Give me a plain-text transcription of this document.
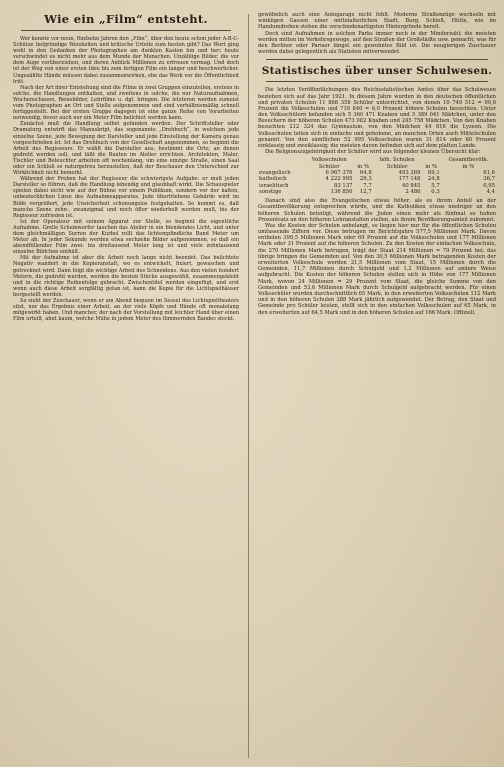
Wie ein „Film“ entsteht.

Wer kennte vor neun, fünfzehn Jahren den „Film“, über den heute schon jeder A-B-C-Schütze tiefgründige Weisheiten und kritische Urteile zum besten gibt? Das Wort ging wohl in den Gedanken der Photographen am dunklen Kasten hin und her; heute verschwindet es nicht mehr aus dem Munde der Menschen. Unzählige Bilder, die vor dem Auge vorüberziehen, und deren Anblick Millionen zu erfreuen vermag. Und doch ist der Weg von einer ersten Idee bis zum fertigen Film ein langer und beschwerlicher. Ungezählte Hände müssen dabei zusammenwirken, ehe das Werk vor die Öffentlichkeit tritt.

Nach der Art ihrer Entstehung sind die Filme in zwei Gruppen einzuteilen, erstens in solche, die Handlungen enthalten, und zweitens in solche, die nur Naturaufnahmen, Wochenschauen, Reisebilder, Lehrfilme u. dgl. bringen. Die letzteren werden zumeist vom Photographen an Ort und Stelle aufgenommen und sind verhältnismäßig schnell fertiggestellt. Bei der ersten Gruppe dagegen ist eine ganze Reihe von Vorarbeiten notwendig, bevor auch nur ein Meter Film belichtet werden kann.

Zunächst muß die Handlung selbst gefunden werden. Der Schriftsteller oder Dramaturg entwirft das Manuskript, das sogenannte „Drehbuch“, in welchem jede einzelne Szene, jede Bewegung der Darsteller und jede Einstellung der Kamera genau vorgeschrieben ist. Ist das Drehbuch von der Gesellschaft angenommen, so beginnt die Arbeit des Regisseurs. Er wählt die Darsteller aus, bestimmt die Orte, an denen gedreht werden soll, und läßt die Bauten im Atelier errichten. Architekten, Maler, Tischler und Beleuchter arbeiten oft wochenlang, um eine einzige Straße, einen Saal oder ein Schloß so naturgetreu herzustellen, daß der Beschauer den Unterschied zur Wirklichkeit nicht bemerkt.

Während der Proben hat der Regisseur die schwierigste Aufgabe: er muß jeden Darsteller so führen, daß die Handlung lebendig und glaubhaft wirkt. Die Schauspieler spielen dabei nicht wie auf der Bühne vor einem Publikum, sondern vor der kalten, unbestechlichen Linse des Aufnahmeapparates. Jede übertriebene Gebärde wird im Bilde vergrößert, jede Unsicherheit schonungslos festgehalten. So kommt es, daß manche Szene zehn-, zwanzigmal und noch öfter wiederholt werden muß, bis der Regisseur zufrieden ist.

Ist der Operateur mit seinem Apparat zur Stelle, so beginnt die eigentliche Aufnahme. Grelle Scheinwerfer tauchen das Atelier in ein blendendes Licht, und unter dem gleichmäßigen Surren der Kurbel rollt das lichtempfindliche Band Meter um Meter ab. In jeder Sekunde werden etwa sechzehn Bilder aufgenommen, so daß ein abendfüllender Film zwei- bis dreitausend Meter lang ist und viele zehntausend einzelne Bildchen enthält.

Mit der Aufnahme ist aber die Arbeit noch lange nicht beendet. Das belichtete Negativ wandert in die Kopieranstalt, wo es entwickelt, fixiert, gewaschen und getrocknet wird. Dann folgt die wichtige Arbeit des Schneidens. Aus den vielen hundert Metern, die gedreht wurden, werden die besten Stücke ausgewählt, zusammengeklebt und in die richtige Reihenfolge gebracht. Zwischentitel werden eingefügt, und erst wenn auch diese Arbeit sorgfältig getan ist, kann die Kopie für die Lichtspielhäuser hergestellt werden.

So sieht der Zuschauer, wenn er am Abend bequem im Sessel des Lichtspieltheaters sitzt, nur das Ergebnis einer Arbeit, an der viele Köpfe und Hände oft monatelang mitgewirkt haben. Und mancher, der nach der Vorstellung mit leichter Hand über einen Film urteilt, ahnt kaum, welche Mühe in jedem Meter des flimmernden Bandes steckt.

gewöhnlich auch eine Autogarage nicht fehlt. Moderne Straßenzüge wechseln mit winkligen Gassen einer mittelalterlichen Stadt, Burg, Schloß, Hütte, wie im Handumdrehen stehen die verschiedenartigsten Hintergründe bereit.

Doch sind Aufnahmen in solchen Parks immer noch in der Minderzahl; die meisten werden mitten im Verkehrsgewoge, auf den Straßen der Großstädte usw. gemacht, was für den Berliner oder Pariser längst ein gewohntes Bild ist. Die neugierigen Zuschauer werden dabei gelegentlich als Statisten mitverwendet.

Statistisches über unser Schulwesen.

Die letzten Veröffentlichungen des Reichsstatistischen Amtes über das Schulwesen beziehen sich auf das Jahr 1921. In diesem Jahre wurden in den deutschen öffentlichen und privaten Schulen 11 868 358 Schüler unterrichtet, von denen 10 749 512 = 90,6 Prozent die Volksschulen und 718 840 = 6,0 Prozent höhere Schulen besuchten. Unter den Volksschülern befanden sich 5 360 471 Knaben und 5 389 041 Mädchen, unter den Besuchern der höheren Schulen 473 082 Knaben und 245 758 Mädchen. Von den Knaben besuchten 212 324 das Gymnasium, von den Mädchen 44 816 die Lyzeen. Die Volksschulen teilen sich in einfache und gehobene, an manchen Orten auch Mittelschulen genannt. Von den sämtlichen 52 995 Volksschulen waren 31 814 oder 60 Prozent einklassig und zweiklassig; die meisten davon befinden sich auf dem platten Lande.

Die Religionszugehörigkeit der Schüler wird aus folgender kleinen Übersicht klar:

	Volksschulen		höh. Schulen		Gesamtbevölk.
	Schüler	in %	Schüler	in %	in %
evangelisch	6 967 376	64,8	493 269	69,1	61,6
katholisch	4 222 995	29,3	177 148	24,8	36,7
israelitisch	83 137	7,7	40 845	5,7	0,95
sonstige	136 850	12,7	2 486	0,3	4,4

Danach sind also die Evangelischen etwas höher, als es ihrem Anteil an der Gesamtbevölkerung entsprechen würde, und die Katholiken etwas niedriger an den höheren Schulen beteiligt, während die Juden einen mehr als fünfmal so hohen Prozentsatz an den höheren Lehranstalten stellen, als ihrem Bevölkerungsanteil zukommt.

Was die Kosten der Schulen anbelangt, so liegen hier nur für die öffentlichen Schulen umfassende Ziffern vor. Diese betrugen im Berichtsjahre 577,5 Millionen Mark. Davon entfielen 399,5 Millionen Mark oder 69 Prozent auf die Volksschulen und 177 Millionen Mark oder 31 Prozent auf die höheren Schulen. Zu den Kosten der einfachen Volksschule, die 270 Millionen Mark betrugen, trägt der Staat 214 Millionen = 79 Prozent bei; das übrige bringen die Gemeinden auf. Von den 30,5 Millionen Mark betragenden Kosten der erweiterten Volksschule werden 21,5 Millionen vom Staat, 15 Millionen durch die Gemeinden, 11,7 Millionen durch Schulgeld und 1,2 Millionen auf andere Weise aufgebracht. Die Kosten der höheren Schulen stellen sich in Höhe von 177 Millionen Mark, wovon 24 Millionen = 29 Prozent vom Staat, die gleiche Summe von den Gemeinden und 53,6 Millionen Mark durch Schulgeld aufgebracht werden. Für einen Volksschüler wurden durchschnittlich 65 Mark, in den erweiterten Volksschulen 112 Mark und in den höheren Schulen 288 Mark jährlich aufgewendet. Der Betrag, den Staat und Gemeinde pro Schüler leisten, stellt sich in den einfachen Volksschulen auf 65 Mark, in den erweiterten auf 64,5 Mark und in den höheren Schulen auf 166 Mark. Offiziell.
